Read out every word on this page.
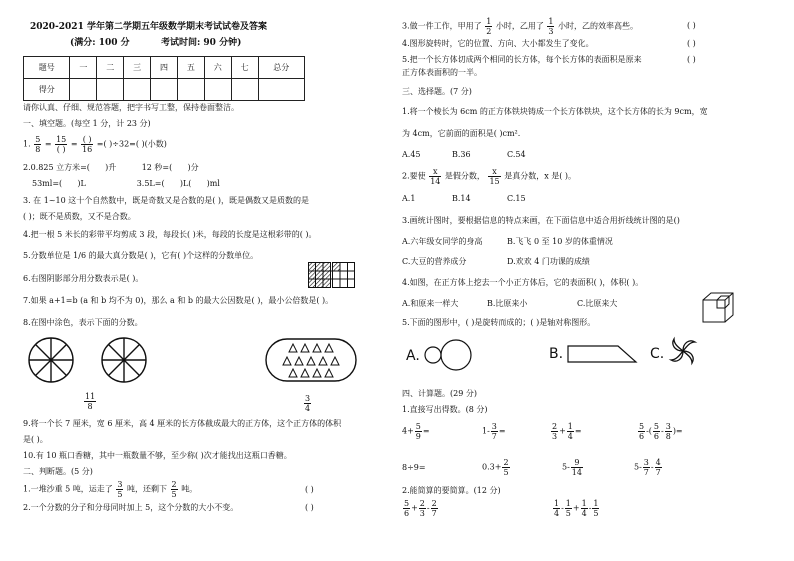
2020-2021 学年第二学期五年级数学期末考试试卷及答案
(满分: 100 分          考试时间: 90 分钟)
题号	一	二	三	四	五	六	七	总分
得分								
请你认真、仔细、规范答题，把字书写工整，保持卷面整洁。
一、填空题。(每空 1 分，计 23 分)
1. $\frac{5}{8} = \frac{15}{( )} = \frac{( )}{16}$ =( )÷32=( )(小数)
2.0.825 立方米=(      )升          12 秒=(      )分
53ml=(      )L                    3.5L=(      )L(      )ml
3. 在 1~10 这十个自然数中，既是奇数又是合数的是( )，既是偶数又是质数的是
( )；既不是质数，又不是合数。
4.把一根 5 米长的彩带平均剪成 3 段，每段长( )米，每段的长度是这根彩带的( )。
5.分数单位是 1/6 的最大真分数是( )，它有( )个这样的分数单位。
6.右图阴影部分用分数表示是( )。
7.如果 a+1=b (a 和 b 均不为 0)，那么 a 和 b 的最大公因数是( )，最小公倍数是( )。
8.在图中涂色，表示下面的分数。
$\frac{11}{8}$	$\frac{3}{4}$
9.将一个长 7 厘米，宽 6 厘米，高 4 厘米的长方体截成最大的正方体，这个正方体的体积
是( )。
10.有 10 瓶口香糖，其中一瓶数量不够，至少称( )次才能找出这瓶口香糖。
二、判断题。(5 分)
1.一堆沙重 5 吨，运走了 $\frac{3}{5}$ 吨，还剩下 $\frac{2}{5}$ 吨。	( )
2.一个分数的分子和分母同时加上 5，这个分数的大小不变。	( )
3.做一件工作，甲用了 $\frac{1}{2}$ 小时，乙用了 $\frac{1}{3}$ 小时，乙的效率高些。	( )
4.图形旋转时，它的位置、方向、大小都发生了变化。	( )
5.把一个长方体切成两个相同的长方体，每个长方体的表面积是原来	( )
正方体表面积的一半。
三、选择题。(7 分)
1.将一个棱长为 6cm 的正方体铁块铸成一个长方体铁块，这个长方体的长为 9cm，宽
为 4cm，它前面的面积是( )cm².
A.45	B.36	C.54
2.要使 $\frac{x}{14}$ 是假分数， $\frac{x}{15}$ 是真分数，x 是( )。
A.1	B.14	C.15
3.画统计图时，要根据信息的特点来画，在下面信息中适合用折线统计图的是()
A.六年级女同学的身高	B.飞飞 0 至 10 岁的体重情况
C.大豆的营养成分	D.欢欢 4 门功课的成绩
4.如图，在正方体上挖去一个小正方体后，它的表面积( )，体积( )。
A.和原来一样大	B.比原来小	C.比原来大
5.下面的图形中，( )是旋转而成的；( )是轴对称图形。
A.	B.	C.
四、计算题。(29 分)
1.直接写出得数。(8 分)
$4+ \frac{5}{9}$ =	$1- \frac{3}{7}$ =	$\frac{2}{3} + \frac{1}{4}$ =	$\frac{5}{6}$ -( $\frac{5}{6} - \frac{3}{8}$ )=
8÷9=	$0.3+ \frac{2}{5}$	$5- \frac{9}{14}$	$5- \frac{3}{7} - \frac{4}{7}$
2.能简算的要简算。(12 分)
$\frac{5}{6} + \frac{2}{3} - \frac{2}{7}$	$\frac{1}{4} - \frac{1}{5} + \frac{1}{4} - \frac{1}{5}$
